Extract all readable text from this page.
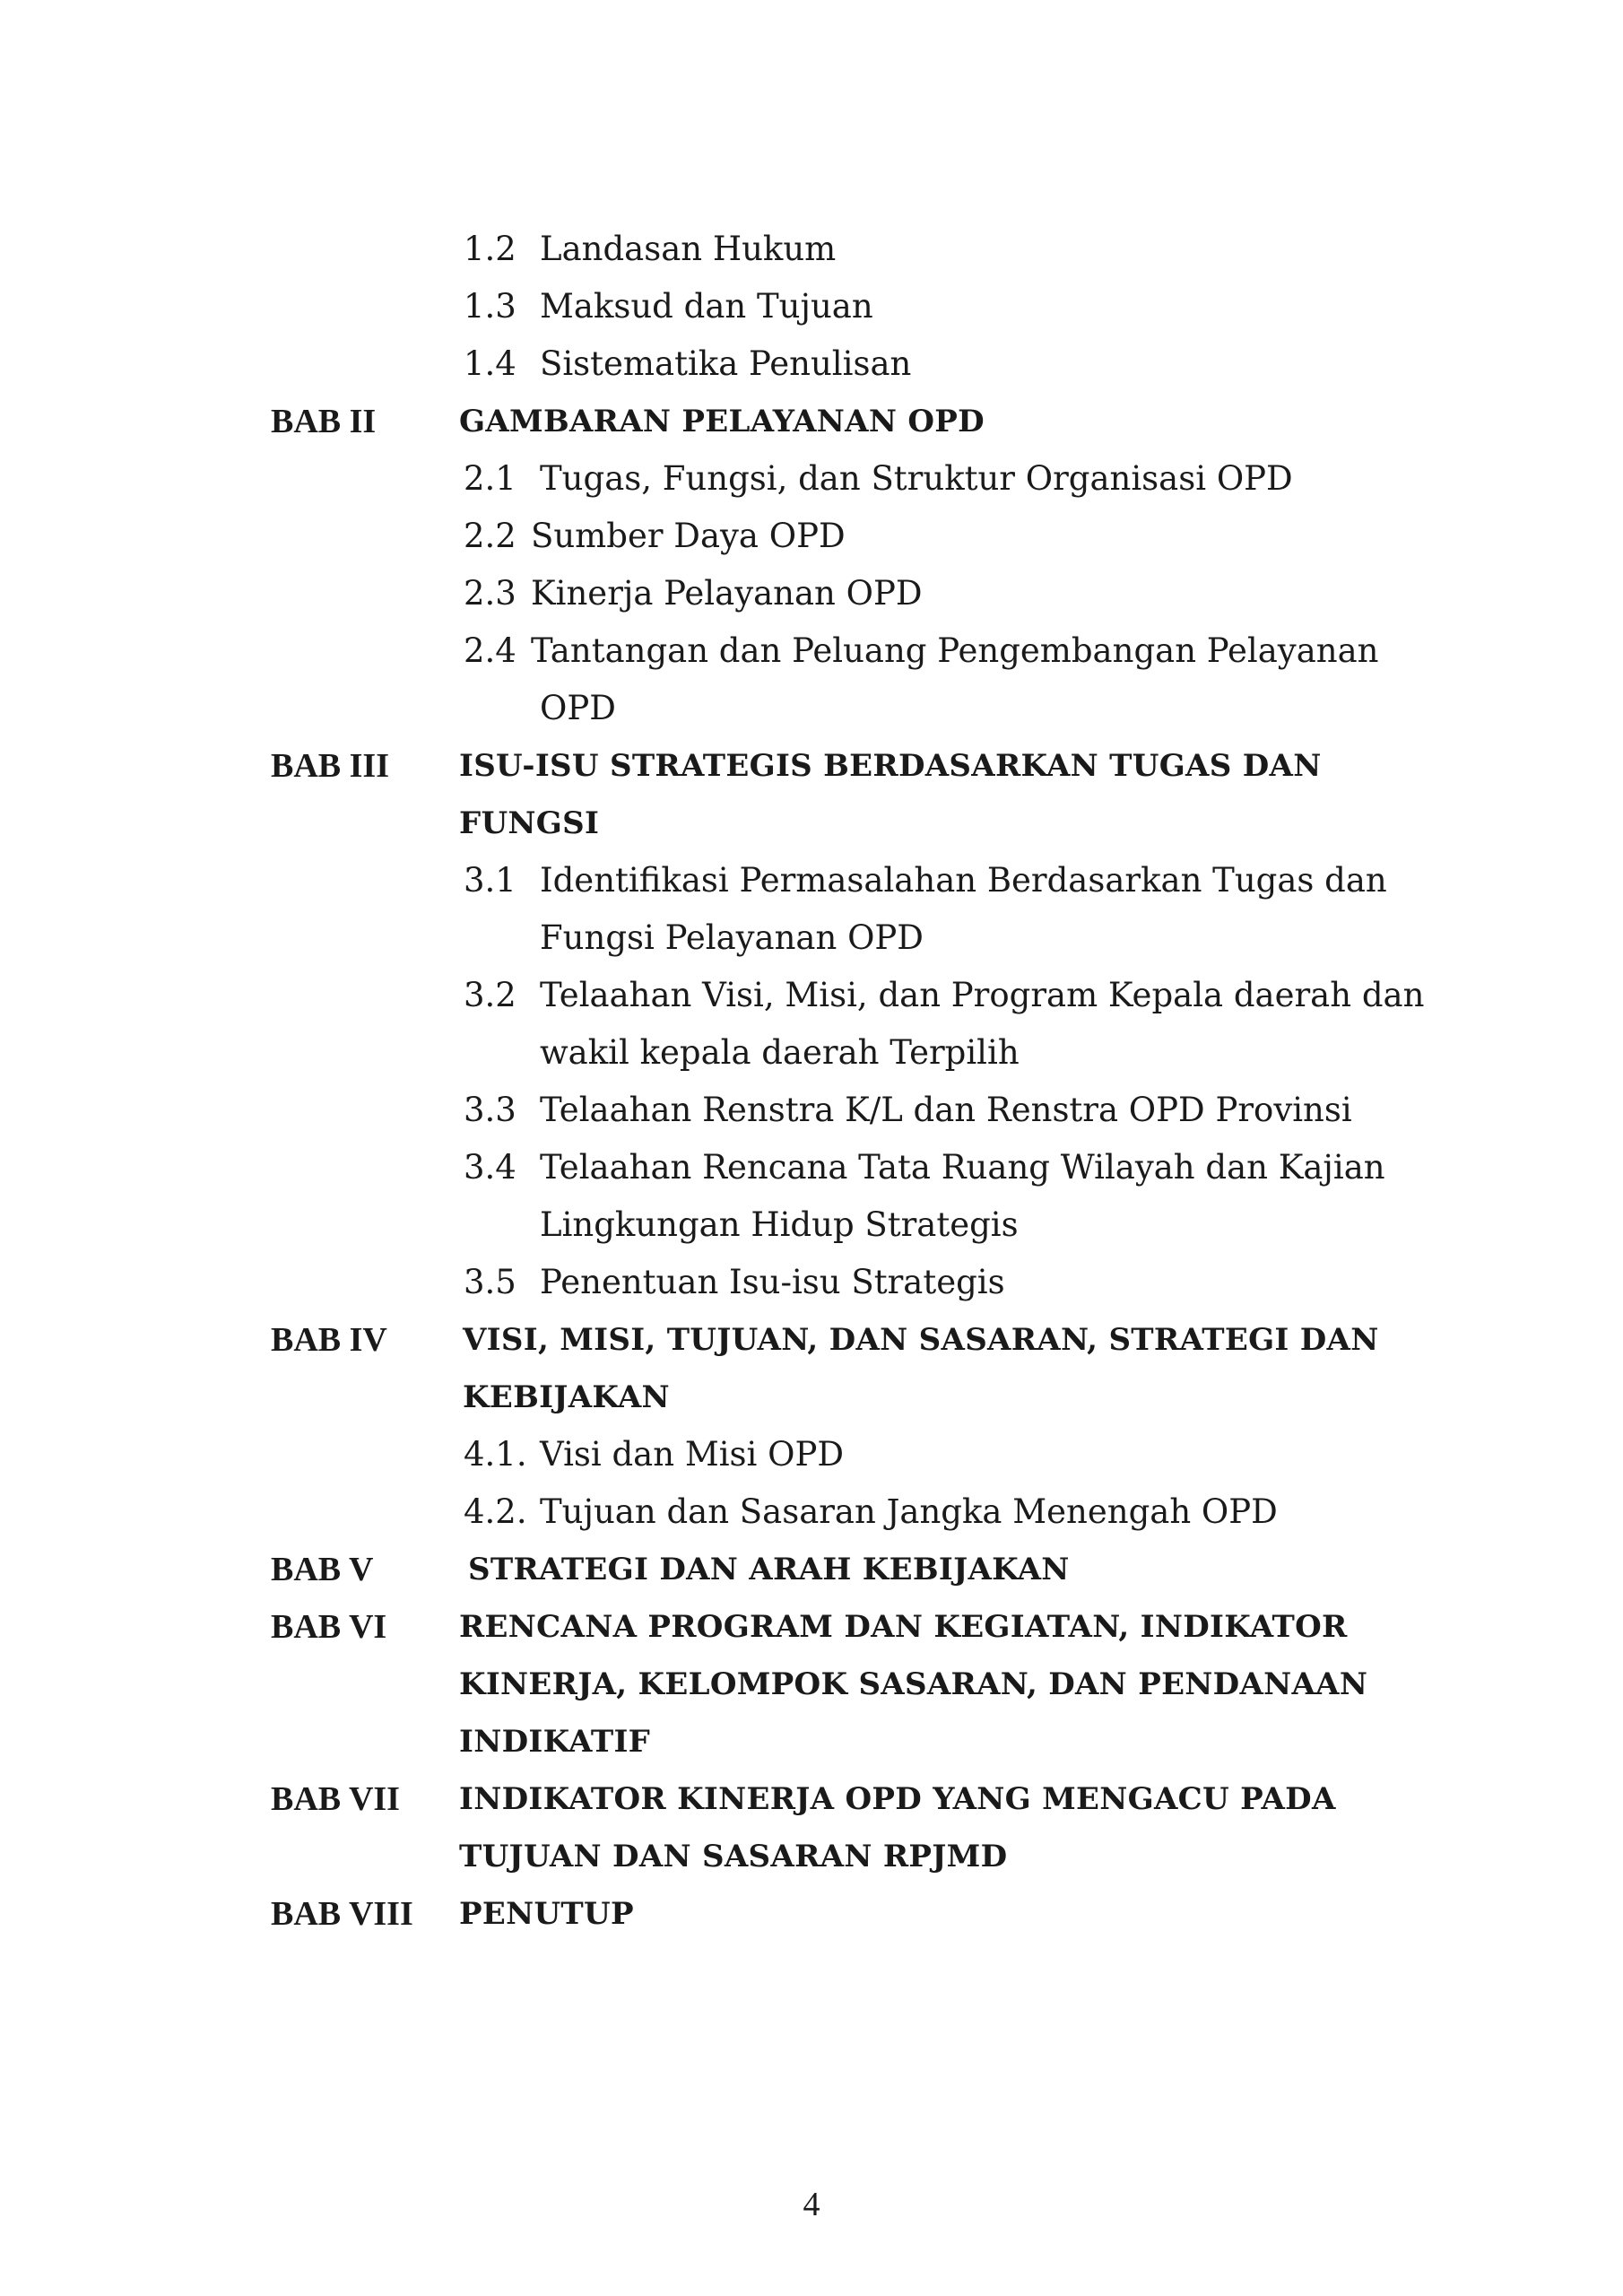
1.2 Landasan Hukum
1.3 Maksud dan Tujuan
1.4 Sistematika Penulisan
BAB II	GAMBARAN PELAYANAN OPD
2.1 Tugas, Fungsi, dan Struktur Organisasi OPD
2.2 Sumber Daya OPD
2.3 Kinerja Pelayanan OPD
2.4 Tantangan dan Peluang Pengembangan Pelayanan
OPD
BAB III ISU-ISU STRATEGIS BERDASARKAN TUGAS DAN
FUNGSI
3.1 Identifikasi Permasalahan Berdasarkan Tugas dan
Fungsi Pelayanan OPD
3.2 Telaahan Visi, Misi, dan Program Kepala daerah dan
wakil kepala daerah Terpilih
3.3 Telaahan Renstra K/L dan Renstra OPD Provinsi
3.4 Telaahan Rencana Tata Ruang Wilayah dan Kajian
Lingkungan Hidup Strategis
3.5 Penentuan Isu-isu Strategis
BAB IV VISI, MISI, TUJUAN, DAN SASARAN, STRATEGI DAN
KEBIJAKAN
4.1. Visi dan Misi OPD
4.2. Tujuan dan Sasaran Jangka Menengah OPD
BAB V	STRATEGI DAN ARAH KEBIJAKAN
BAB VI RENCANA PROGRAM DAN KEGIATAN, INDIKATOR
KINERJA, KELOMPOK SASARAN, DAN PENDANAAN
INDIKATIF
BAB VII INDIKATOR KINERJA OPD YANG MENGACU PADA
TUJUAN DAN SASARAN RPJMD
BAB VIII PENUTUP
4
